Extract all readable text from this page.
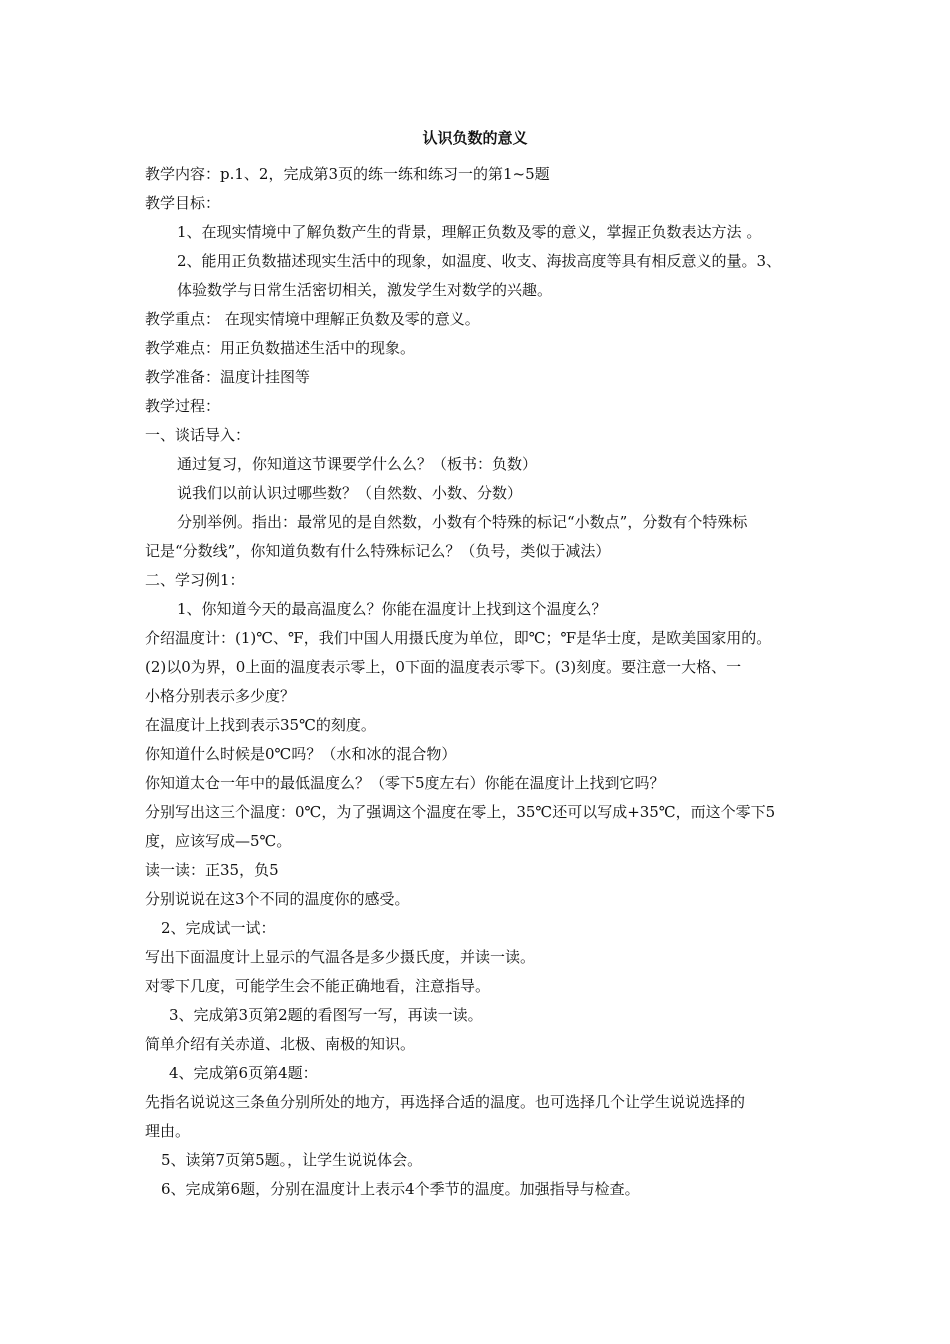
认识负数的意义
教学内容：p.1、2，完成第3页的练一练和练习一的第1~5题
教学目标：
1、在现实情境中了解负数产生的背景，理解正负数及零的意义，掌握正负数表达方法 。
2、能用正负数描述现实生活中的现象，如温度、收支、海拔高度等具有相反意义的量。3、
体验数学与日常生活密切相关，激发学生对数学的兴趣。
教学重点： 在现实情境中理解正负数及零的意义。
教学难点：用正负数描述生活中的现象。
教学准备：温度计挂图等
教学过程：
一、谈话导入：
通过复习，你知道这节课要学什么么？（板书：负数）
说我们以前认识过哪些数？（自然数、小数、分数）
分别举例。指出：最常见的是自然数，小数有个特殊的标记“小数点”，分数有个特殊标
记是“分数线”，你知道负数有什么特殊标记么？（负号，类似于减法）
二、学习例1：
1、你知道今天的最高温度么？你能在温度计上找到这个温度么？
介绍温度计：(1)℃、℉，我们中国人用摄氏度为单位，即℃；℉是华士度，是欧美国家用的。
(2)以0为界，0上面的温度表示零上，0下面的温度表示零下。(3)刻度。要注意一大格、一
小格分别表示多少度？
在温度计上找到表示35℃的刻度。
你知道什么时候是0℃吗？（水和冰的混合物）
你知道太仓一年中的最低温度么？（零下5度左右）你能在温度计上找到它吗？
分别写出这三个温度：0℃，为了强调这个温度在零上，35℃还可以写成+35℃，而这个零下5
度，应该写成—5℃。
读一读：正35，负5
分别说说在这3个不同的温度你的感受。
2、完成试一试：
写出下面温度计上显示的气温各是多少摄氏度，并读一读。
对零下几度，可能学生会不能正确地看，注意指导。
3、完成第3页第2题的看图写一写，再读一读。
简单介绍有关赤道、北极、南极的知识。
4、完成第6页第4题：
先指名说说这三条鱼分别所处的地方，再选择合适的温度。也可选择几个让学生说说选择的
理由。
5、读第7页第5题。，让学生说说体会。
6、完成第6题，分别在温度计上表示4个季节的温度。加强指导与检查。
